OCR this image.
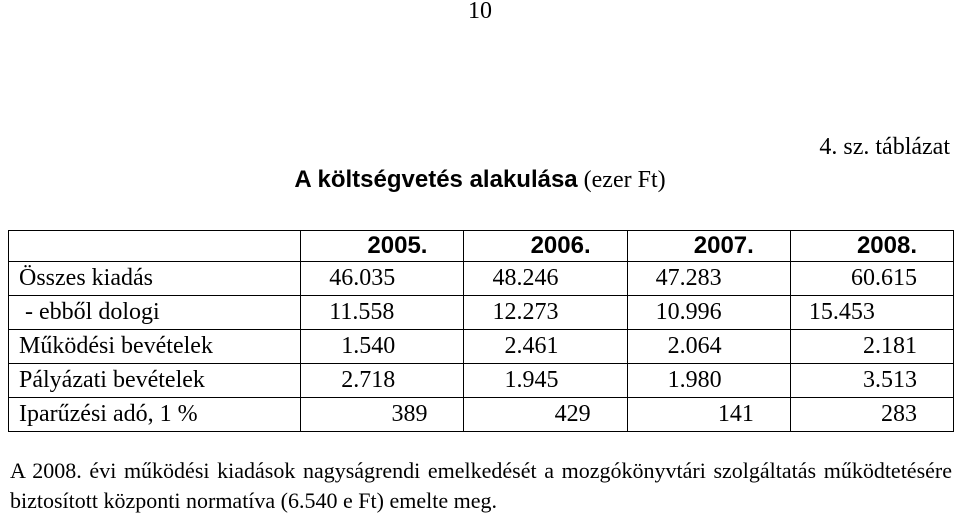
10
4. sz. táblázat
A költségvetés alakulása (ezer Ft)
	2005.	2006.	2007.	2008.
Összes kiadás	46.035	48.246	47.283	60.615
- ebből dologi	11.558	12.273	10.996	15.453
Működési bevételek	1.540	2.461	2.064	2.181
Pályázati bevételek	2.718	1.945	1.980	3.513
Iparűzési adó, 1 %	389	429	141	283
A 2008. évi működési kiadások nagyságrendi emelkedését a mozgókönyvtári szolgáltatás működtetésére biztosított központi normatíva (6.540 e Ft) emelte meg.
